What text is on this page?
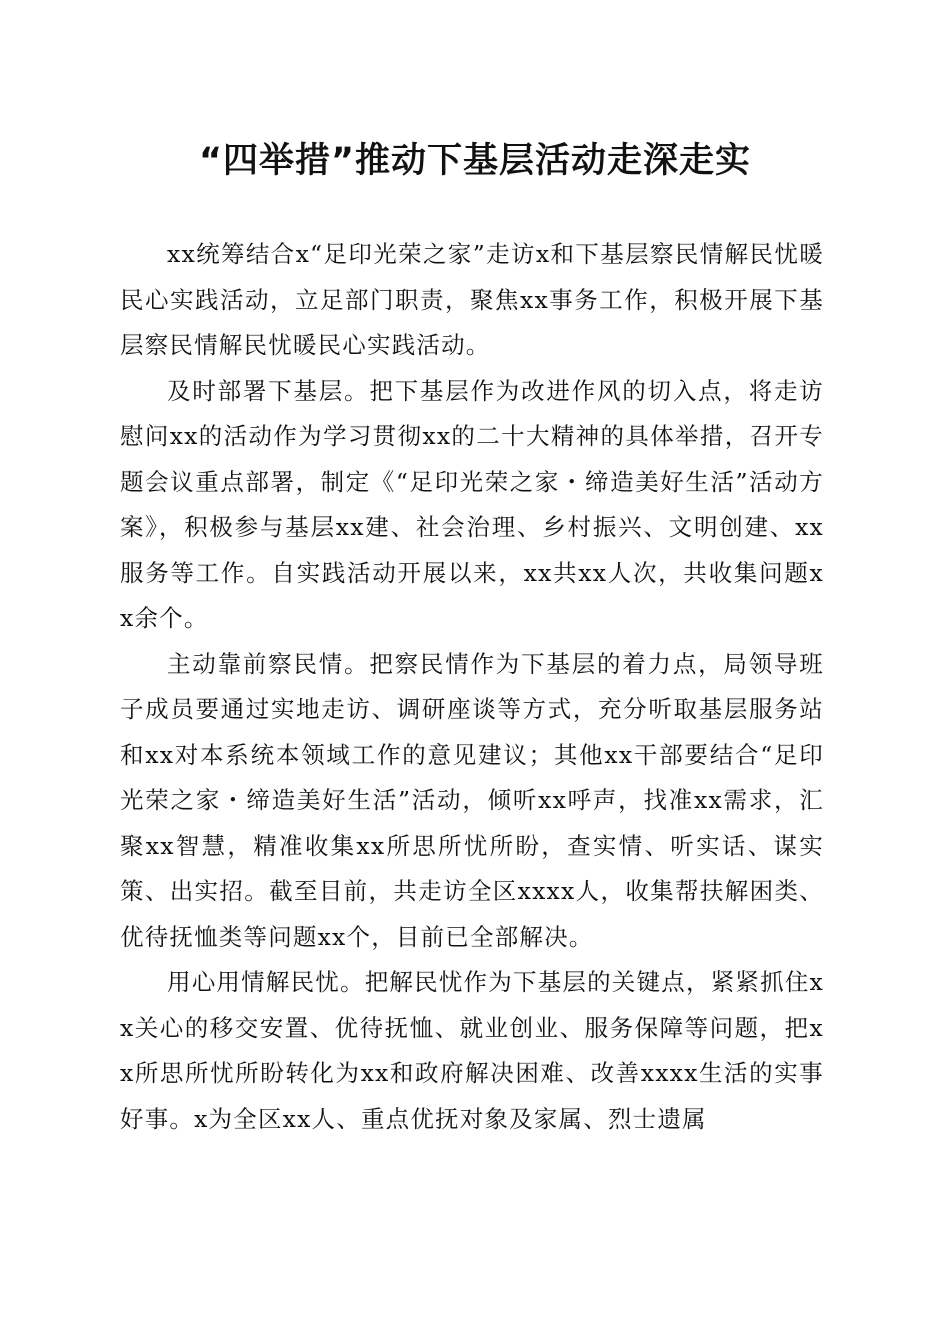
“四举措”推动下基层活动走深走实

xx统筹结合x“足印光荣之家”走访x和下基层察民情解民忧暖民心实践活动，立足部门职责，聚焦xx事务工作，积极开展下基层察民情解民忧暖民心实践活动。

及时部署下基层。把下基层作为改进作风的切入点，将走访慰问xx的活动作为学习贯彻xx的二十大精神的具体举措，召开专题会议重点部署，制定《“足印光荣之家・缔造美好生活”活动方案》，积极参与基层xx建、社会治理、乡村振兴、文明创建、xx服务等工作。自实践活动开展以来，xx共xx人次，共收集问题xx余个。

主动靠前察民情。把察民情作为下基层的着力点，局领导班子成员要通过实地走访、调研座谈等方式，充分听取基层服务站和xx对本系统本领域工作的意见建议；其他xx干部要结合“足印光荣之家・缔造美好生活”活动，倾听xx呼声，找准xx需求，汇聚xx智慧，精准收集xx所思所忧所盼，查实情、听实话、谋实策、出实招。截至目前，共走访全区xxxx人，收集帮扶解困类、优待抚恤类等问题xx个，目前已全部解决。

用心用情解民忧。把解民忧作为下基层的关键点，紧紧抓住xx关心的移交安置、优待抚恤、就业创业、服务保障等问题，把xx所思所忧所盼转化为xx和政府解决困难、改善xxxx生活的实事好事。x为全区xx人、重点优抚对象及家属、烈士遗属
